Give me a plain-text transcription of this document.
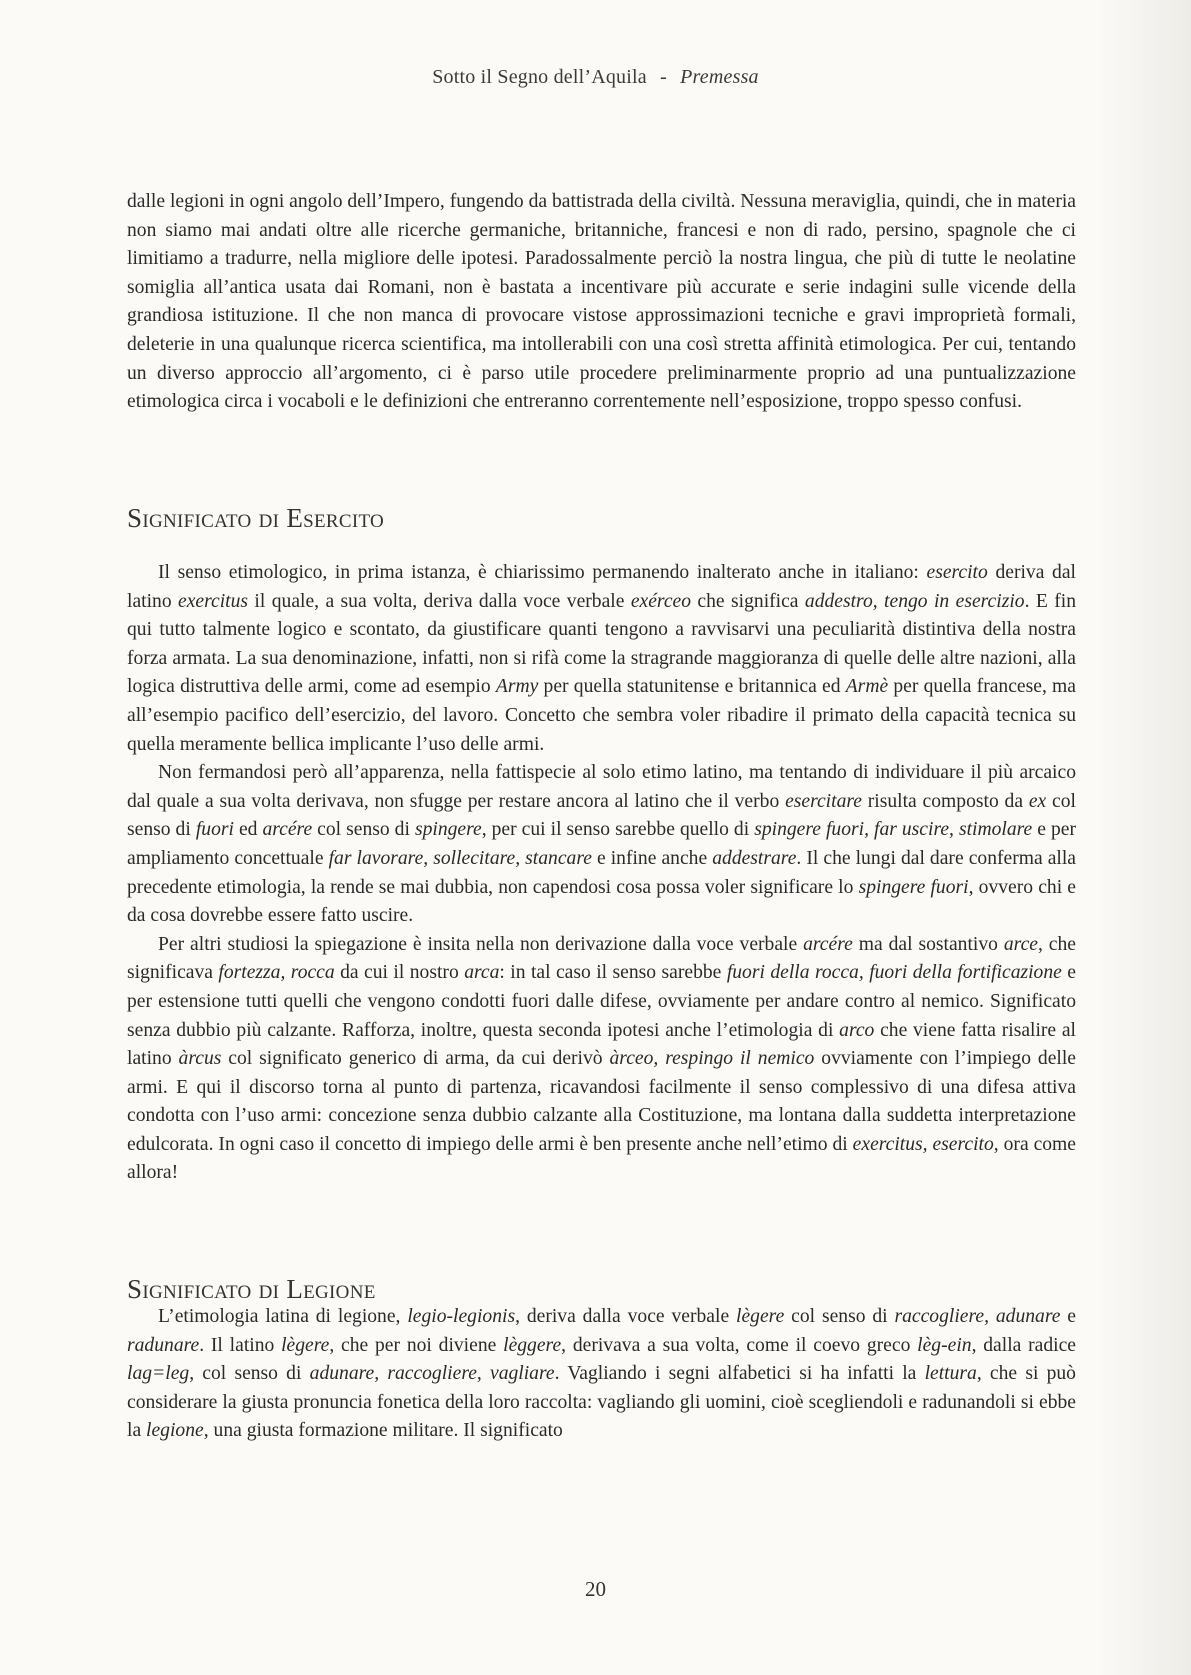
Sotto il Segno dell’Aquila - Premessa

dalle legioni in ogni angolo dell’Impero, fungendo da battistrada della civiltà. Nessuna meraviglia, quindi, che in materia non siamo mai andati oltre alle ricerche germaniche, britanniche, francesi e non di rado, persino, spagnole che ci limitiamo a tradurre, nella migliore delle ipotesi. Paradossalmente perciò la nostra lingua, che più di tutte le neolatine somiglia all’antica usata dai Romani, non è bastata a incentivare più accurate e serie indagini sulle vicende della grandiosa istituzione. Il che non manca di provocare vistose approssimazioni tecniche e gravi improprietà formali, deleterie in una qualunque ricerca scientifica, ma intollerabili con una così stretta affinità etimologica. Per cui, tentando un diverso approccio all’argomento, ci è parso utile procedere preliminarmente proprio ad una puntualizzazione etimologica circa i vocaboli e le definizioni che entreranno correntemente nell’esposizione, troppo spesso confusi.

Significato di Esercito

Il senso etimologico, in prima istanza, è chiarissimo permanendo inalterato anche in italiano: esercito deriva dal latino exercitus il quale, a sua volta, deriva dalla voce verbale exérceo che significa addestro, tengo in esercizio. E fin qui tutto talmente logico e scontato, da giustificare quanti tengono a ravvisarvi una peculiarità distintiva della nostra forza armata. La sua denominazione, infatti, non si rifà come la stragrande maggioranza di quelle delle altre nazioni, alla logica distruttiva delle armi, come ad esempio Army per quella statunitense e britannica ed Armè per quella francese, ma all’esempio pacifico dell’esercizio, del lavoro. Concetto che sembra voler ribadire il primato della capacità tecnica su quella meramente bellica implicante l’uso delle armi.

Non fermandosi però all’apparenza, nella fattispecie al solo etimo latino, ma tentando di individuare il più arcaico dal quale a sua volta derivava, non sfugge per restare ancora al latino che il verbo esercitare risulta composto da ex col senso di fuori ed arcére col senso di spingere, per cui il senso sarebbe quello di spingere fuori, far uscire, stimolare e per ampliamento concettuale far lavorare, sollecitare, stancare e infine anche addestrare. Il che lungi dal dare conferma alla precedente etimologia, la rende se mai dubbia, non capendosi cosa possa voler significare lo spingere fuori, ovvero chi e da cosa dovrebbe essere fatto uscire.

Per altri studiosi la spiegazione è insita nella non derivazione dalla voce verbale arcére ma dal sostantivo arce, che significava fortezza, rocca da cui il nostro arca: in tal caso il senso sarebbe fuori della rocca, fuori della fortificazione e per estensione tutti quelli che vengono condotti fuori dalle difese, ovviamente per andare contro al nemico. Significato senza dubbio più calzante. Rafforza, inoltre, questa seconda ipotesi anche l’etimologia di arco che viene fatta risalire al latino àrcus col significato generico di arma, da cui derivò àrceo, respingo il nemico ovviamente con l’impiego delle armi. E qui il discorso torna al punto di partenza, ricavandosi facilmente il senso complessivo di una difesa attiva condotta con l’uso armi: concezione senza dubbio calzante alla Costituzione, ma lontana dalla suddetta interpretazione edulcorata. In ogni caso il concetto di impiego delle armi è ben presente anche nell’etimo di exercitus, esercito, ora come allora!

Significato di Legione

L’etimologia latina di legione, legio-legionis, deriva dalla voce verbale lègere col senso di raccogliere, adunare e radunare. Il latino lègere, che per noi diviene lèggere, derivava a sua volta, come il coevo greco lèg-ein, dalla radice lag=leg, col senso di adunare, raccogliere, vagliare. Vagliando i segni alfabetici si ha infatti la lettura, che si può considerare la giusta pronuncia fonetica della loro raccolta: vagliando gli uomini, cioè scegliendoli e radunandoli si ebbe la legione, una giusta formazione militare. Il significato

20
